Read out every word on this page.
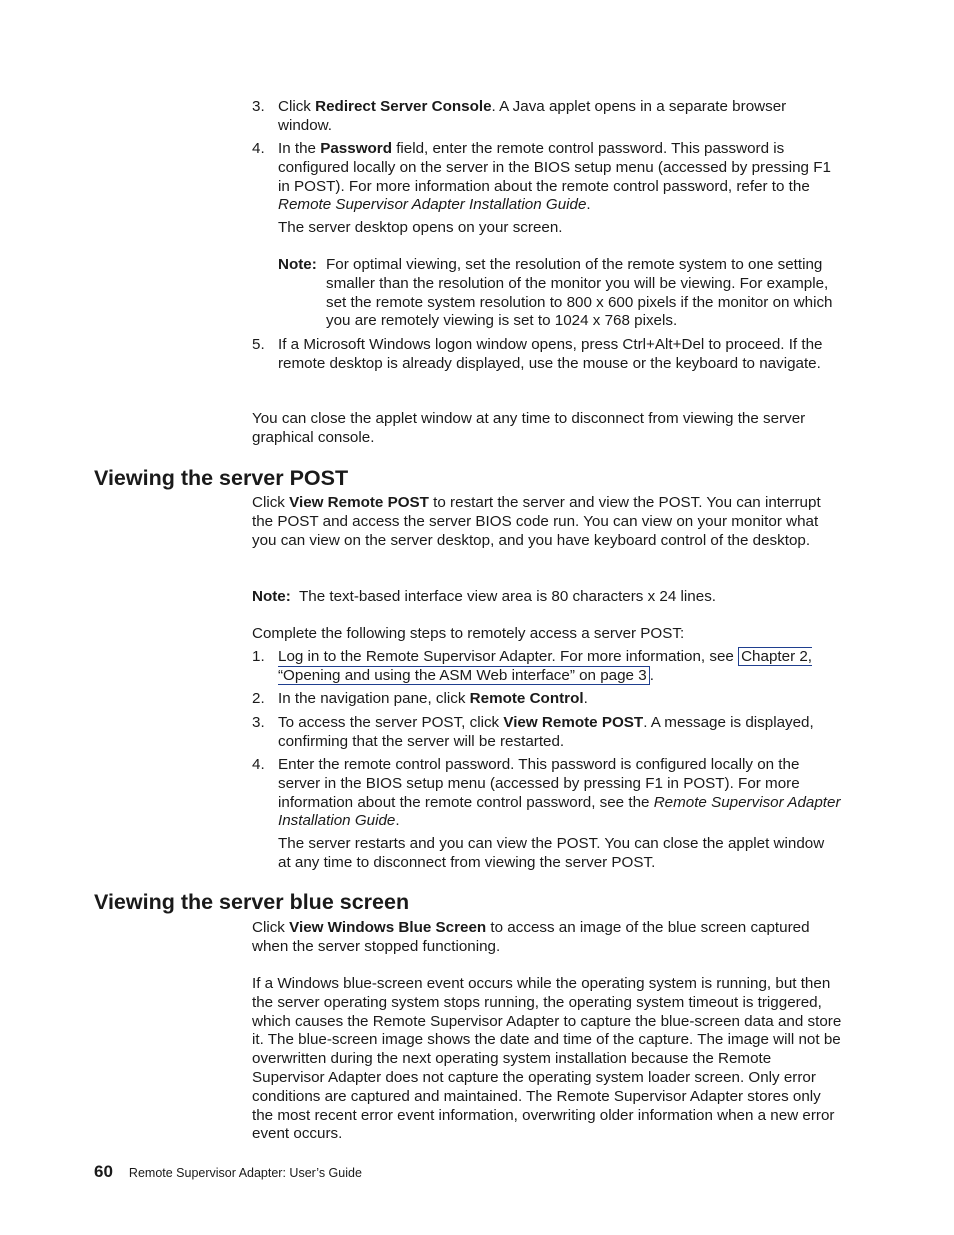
3. Click Redirect Server Console. A Java applet opens in a separate browser window.
4. In the Password field, enter the remote control password. This password is configured locally on the server in the BIOS setup menu (accessed by pressing F1 in POST). For more information about the remote control password, refer to the Remote Supervisor Adapter Installation Guide.

The server desktop opens on your screen.

Note: For optimal viewing, set the resolution of the remote system to one setting smaller than the resolution of the monitor you will be viewing. For example, set the remote system resolution to 800 x 600 pixels if the monitor on which you are remotely viewing is set to 1024 x 768 pixels.
5. If a Microsoft Windows logon window opens, press Ctrl+Alt+Del to proceed. If the remote desktop is already displayed, use the mouse or the keyboard to navigate.

You can close the applet window at any time to disconnect from viewing the server graphical console.

Viewing the server POST

Click View Remote POST to restart the server and view the POST. You can interrupt the POST and access the server BIOS code run. You can view on your monitor what you can view on the server desktop, and you have keyboard control of the desktop.

Note: The text-based interface view area is 80 characters x 24 lines.

Complete the following steps to remotely access a server POST:

1. Log in to the Remote Supervisor Adapter. For more information, see Chapter 2, “Opening and using the ASM Web interface” on page 3 .
2. In the navigation pane, click Remote Control.
3. To access the server POST, click View Remote POST. A message is displayed, confirming that the server will be restarted.
4. Enter the remote control password. This password is configured locally on the server in the BIOS setup menu (accessed by pressing F1 in POST). For more information about the remote control password, see the Remote Supervisor Adapter Installation Guide.

The server restarts and you can view the POST. You can close the applet window at any time to disconnect from viewing the server POST.

Viewing the server blue screen

Click View Windows Blue Screen to access an image of the blue screen captured when the server stopped functioning.

If a Windows blue-screen event occurs while the operating system is running, but then the server operating system stops running, the operating system timeout is triggered, which causes the Remote Supervisor Adapter to capture the blue-screen data and store it. The blue-screen image shows the date and time of the capture. The image will not be overwritten during the next operating system installation because the Remote Supervisor Adapter does not capture the operating system loader screen. Only error conditions are captured and maintained. The Remote Supervisor Adapter stores only the most recent error event information, overwriting older information when a new error event occurs.

60 Remote Supervisor Adapter: User’s Guide
